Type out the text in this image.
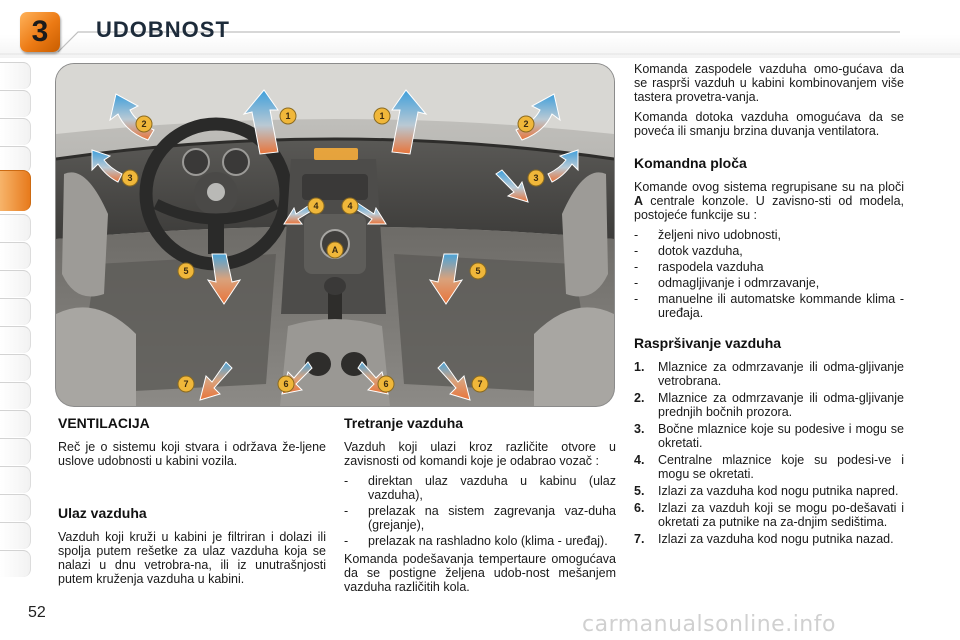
3	UDOBNOST
1	1
2	2
3	3
4	4
5	5
6	6
7	7
A
VENTILACIJA

Reč je o sistemu koji stvara i održava že-ljene uslove udobnosti u kabini vozila.

Ulaz vazduha

Vazduh koji kruži u kabini je filtriran i dolazi ili spolja putem rešetke za ulaz vazduha koja se nalazi u dnu vetrobra-na, ili iz unutrašnjosti putem kruženja vazduha u kabini.

Tretranje vazduha

Vazduh koji ulazi kroz različite otvore u zavisnosti od komandi koje je odabrao vozač :

- direktan ulaz vazduha u kabinu (ulaz vazduha),
- prelazak na sistem zagrevanja vaz-duha (grejanje),
- prelazak na rashladno kolo (klima - uređaj).

Komanda podešavanja tempertaure omogućava da se postigne željena udob-nost mešanjem vazduha različitih kola.

Komanda zaspodele vazduha omo-gućava da se rasprši vazduh u kabini kombinovanjem više tastera provetra-vanja.

Komanda dotoka vazduha omogućava da se poveća ili smanju brzina duvanja ventilatora.

Komandna ploča

Komande ovog sistema regrupisane su na ploči A centrale konzole. U zavisno-sti od modela, postojeće funkcije su :

- željeni nivo udobnosti,
- dotok vazduha,
- raspodela vazduha
- odmagljivanje i odmrzavanje,
- manuelne ili automatske kommande klima - uređaja.
Raspršivanje vazduha
1. Mlaznice za odmrzavanje ili odma-gljivanje vetrobrana.
2. Mlaznice za odmrzavanje ili odma-gljivanje prednjih bočnih prozora.
3. Bočne mlaznice koje su podesive i mogu se okretati.
4. Centralne mlaznice koje su podesi-ve i mogu se okretati.
5. Izlazi za vazduha kod nogu putnika napred.
6. Izlazi za vazduh koji se mogu po-dešavati i okretati za putnike na za-dnjim sedištima.
7. Izlazi za vazduha kod nogu putnika nazad.
52	carmanualsonline.info
